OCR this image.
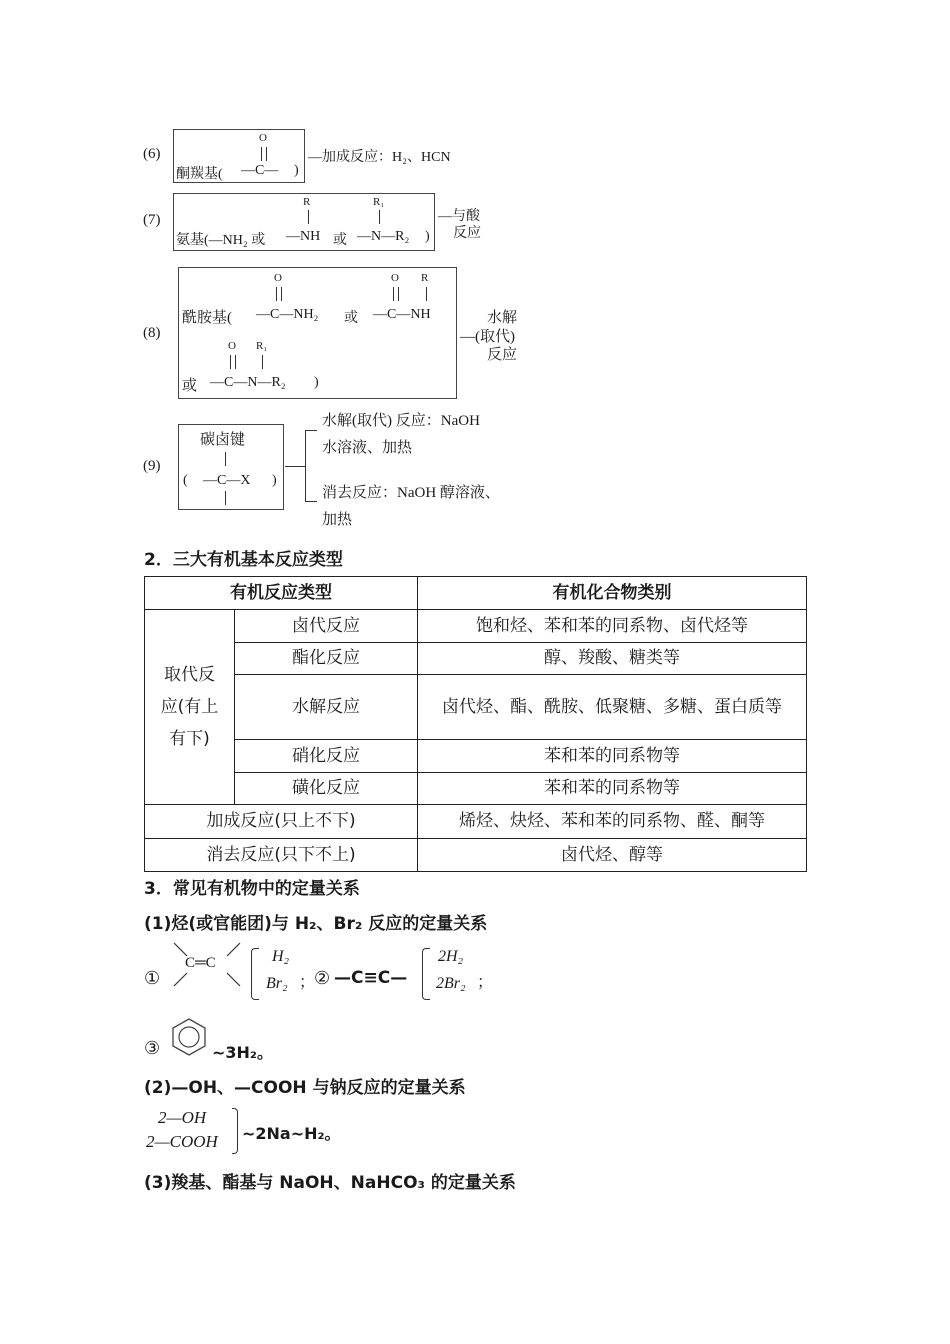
(6)
酮羰基(
O
—C— )
—加成反应：H₂、HCN
(7)
氨基(—NH₂ 或
R
—NH 或
R₁
—N—R₂ )
—与酸
反应
(8)
酰胺基(
O
—C—NH₂ 或
O R
—C—NH
O R₁
或 —C—N—R₂ )
水解
—(取代)
反应
(9)
碳卤键
( —C—X )
水解(取代) 反应：NaOH
水溶液、加热
消去反应：NaOH 醇溶液、
加热
2．三大有机基本反应类型
有机反应类型		有机化合物类别
取代反
应(有上
有下)	卤代反应	饱和烃、苯和苯的同系物、卤代烃等
	酯化反应	醇、羧酸、糖类等
	水解反应	卤代烃、酯、酰胺、低聚糖、多糖、蛋白质等
	硝化反应	苯和苯的同系物等
	磺化反应	苯和苯的同系物等
加成反应(只上不下)		烯烃、炔烃、苯和苯的同系物、醛、酮等
消去反应(只下不上)		卤代烃、醇等
3．常见有机物中的定量关系
(1)烃(或官能团)与 H₂、Br₂ 反应的定量关系
①
C═C	H₂
Br₂ ；
② —C≡C—
2H₂
2Br₂ ；
③	~3H₂。
(2)—OH、—COOH 与钠反应的定量关系
2—OH
2—COOH ~2Na~H₂。
(3)羧基、酯基与 NaOH、NaHCO₃ 的定量关系
